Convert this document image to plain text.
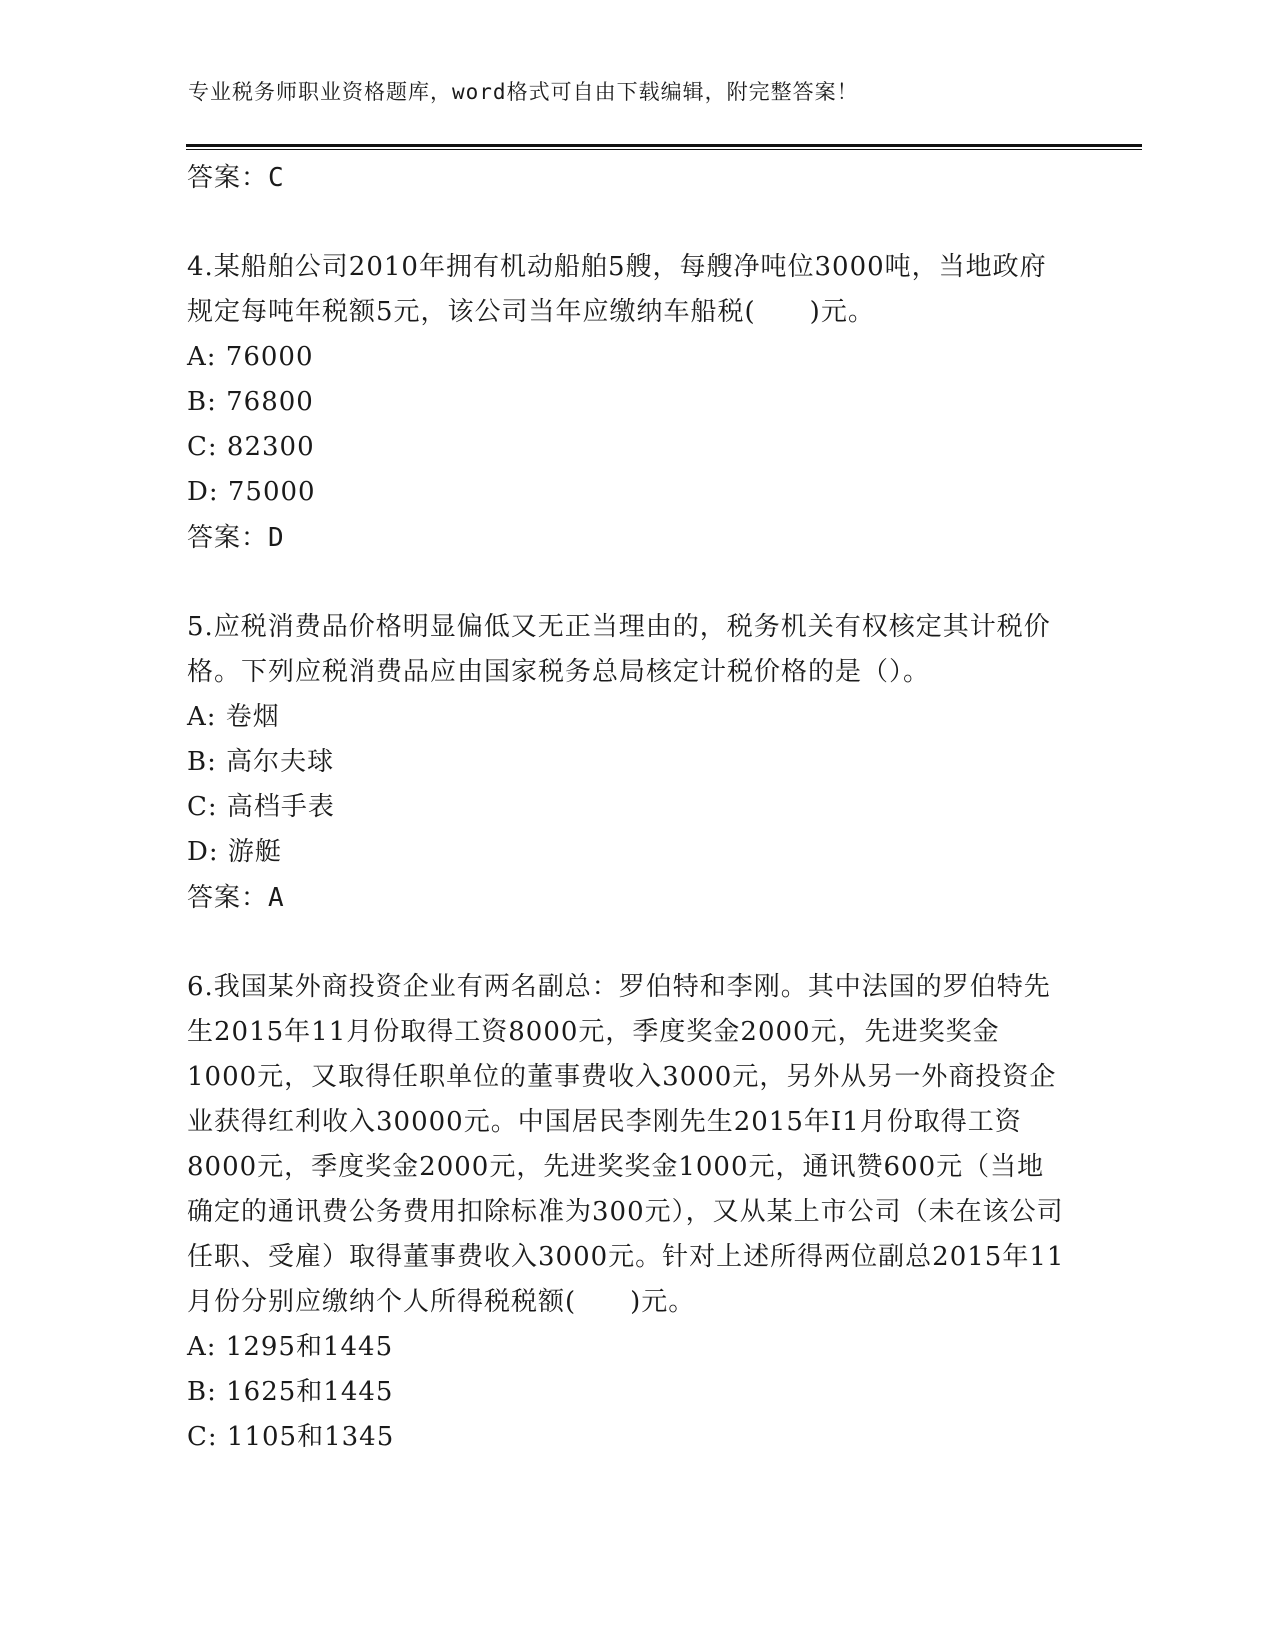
专业税务师职业资格题库，word格式可自由下载编辑，附完整答案！
答案：C

4.某船舶公司2010年拥有机动船舶5艘，每艘净吨位3000吨，当地政府规定每吨年税额5元，该公司当年应缴纳车船税(　　)元。

A: 76000
B: 76800
C: 82300
D: 75000
答案：D

5.应税消费品价格明显偏低又无正当理由的，税务机关有权核定其计税价格。下列应税消费品应由国家税务总局核定计税价格的是（）。

A: 卷烟
B: 高尔夫球
C: 高档手表
D: 游艇
答案：A

6.我国某外商投资企业有两名副总：罗伯特和李刚。其中法国的罗伯特先生2015年11月份取得工资8000元，季度奖金2000元，先进奖奖金1000元，又取得任职单位的董事费收入3000元，另外从另一外商投资企业获得红利收入30000元。中国居民李刚先生2015年I1月份取得工资8000元，季度奖金2000元，先进奖奖金1000元，通讯赞600元（当地确定的通讯费公务费用扣除标准为300元），又从某上市公司（未在该公司任职、受雇）取得董事费收入3000元。针对上述所得两位副总2015年11月份分别应缴纳个人所得税税额(　　)元。

A: 1295和1445
B: 1625和1445
C: 1105和1345
